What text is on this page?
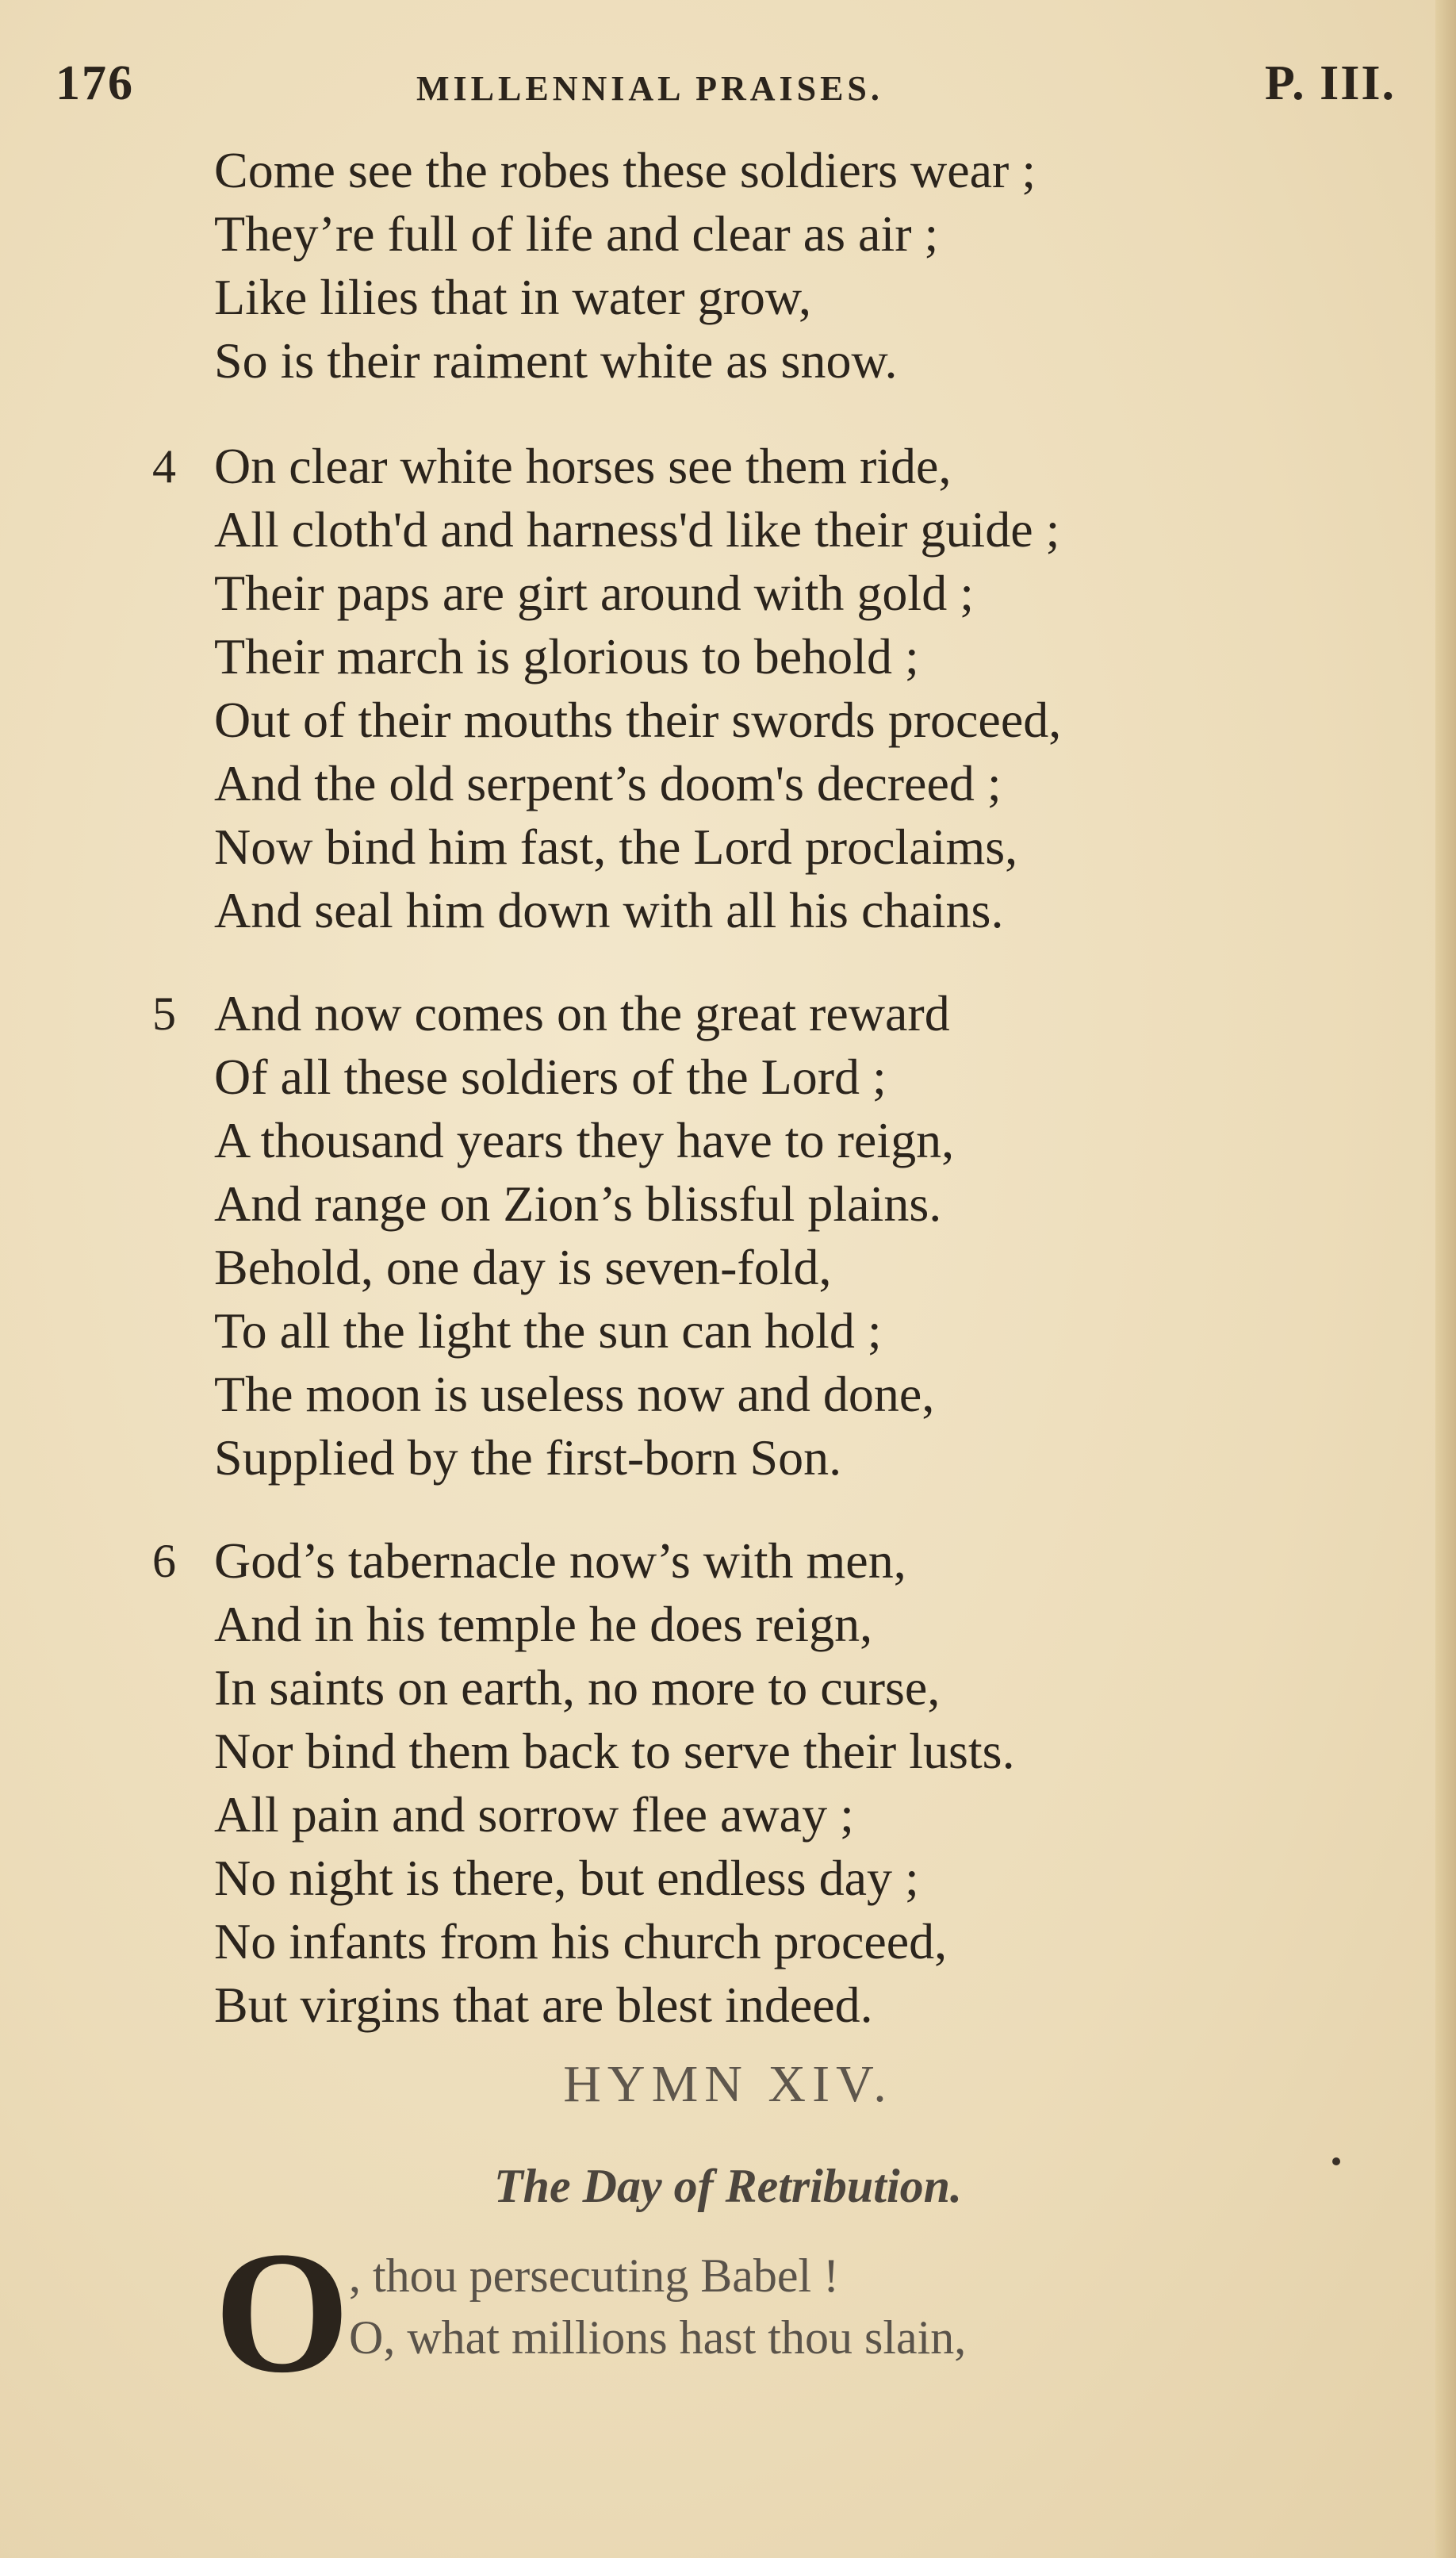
176	MILLENNIAL PRAISES.	P. III.
Come see the robes these soldiers wear ;
They’re full of life and clear as air ;
Like lilies that in water grow,
So is their raiment white as snow.
4 On clear white horses see them ride,
All cloth'd and harness'd like their guide ;
Their paps are girt around with gold ;
Their march is glorious to behold ;
Out of their mouths their swords proceed,
And the old serpent’s doom's decreed ;
Now bind him fast, the Lord proclaims,
And seal him down with all his chains.
5 And now comes on the great reward
Of all these soldiers of the Lord ;
A thousand years they have to reign,
And range on Zion’s blissful plains.
Behold, one day is seven-fold,
To all the light the sun can hold ;
The moon is useless now and done,
Supplied by the first-born Son.
6 God’s tabernacle now’s with men,
And in his temple he does reign,
In saints on earth, no more to curse,
Nor bind them back to serve their lusts.
All pain and sorrow flee away ;
No night is there, but endless day ;
No infants from his church proceed,
But virgins that are blest indeed.
HYMN XIV.
The Day of Retribution.
O
, thou persecuting Babel !
O, what millions hast thou slain,
